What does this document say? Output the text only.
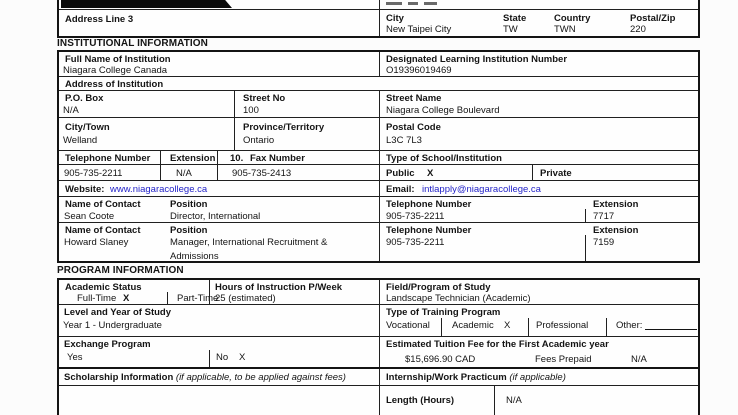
Address Line 3	City	State	Country	Postal/Zip
New Taipei City	TW	TWN	220
INSTITUTIONAL INFORMATION
Full Name of Institution
Niagara College Canada
Designated Learning Institution Number
O19396019469
Address of Institution
P.O. Box
N/A
Street No
100
Street Name
Niagara College Boulevard
City/Town
Welland
Province/Territory
Ontario
Postal Code
L3C 7L3
Telephone Number Extension 10. Fax Number	Type of School/Institution
905-735-2211	N/A	905-735-2413	Public X	Private
Website: www.niagaracollege.ca	Email: intlapply@niagaracollege.ca
Name of Contact	Position	Telephone Number	Extension
Sean Coote	Director, International	905-735-2211	7717
Name of Contact	Position	Telephone Number	Extension
Howard Slaney	Manager, International Recruitment &
Admissions
905-735-2211	7159
PROGRAM INFORMATION
Academic Status	Hours of Instruction P/Week	Field/Program of Study
Full-Time X	Part-Time
25 (estimated)	Landscape Technician (Academic)
Level and Year of Study
Year 1 - Undergraduate
Type of Training Program
Vocational Academic X	Professional	Other:
Exchange Program
Yes	No X
Estimated Tuition Fee for the First Academic year
$15,696.90 CAD	Fees Prepaid	N/A
Scholarship Information (if applicable, to be applied against fees)	Internship/Work Practicum (if applicable)
Length (Hours)	N/A
